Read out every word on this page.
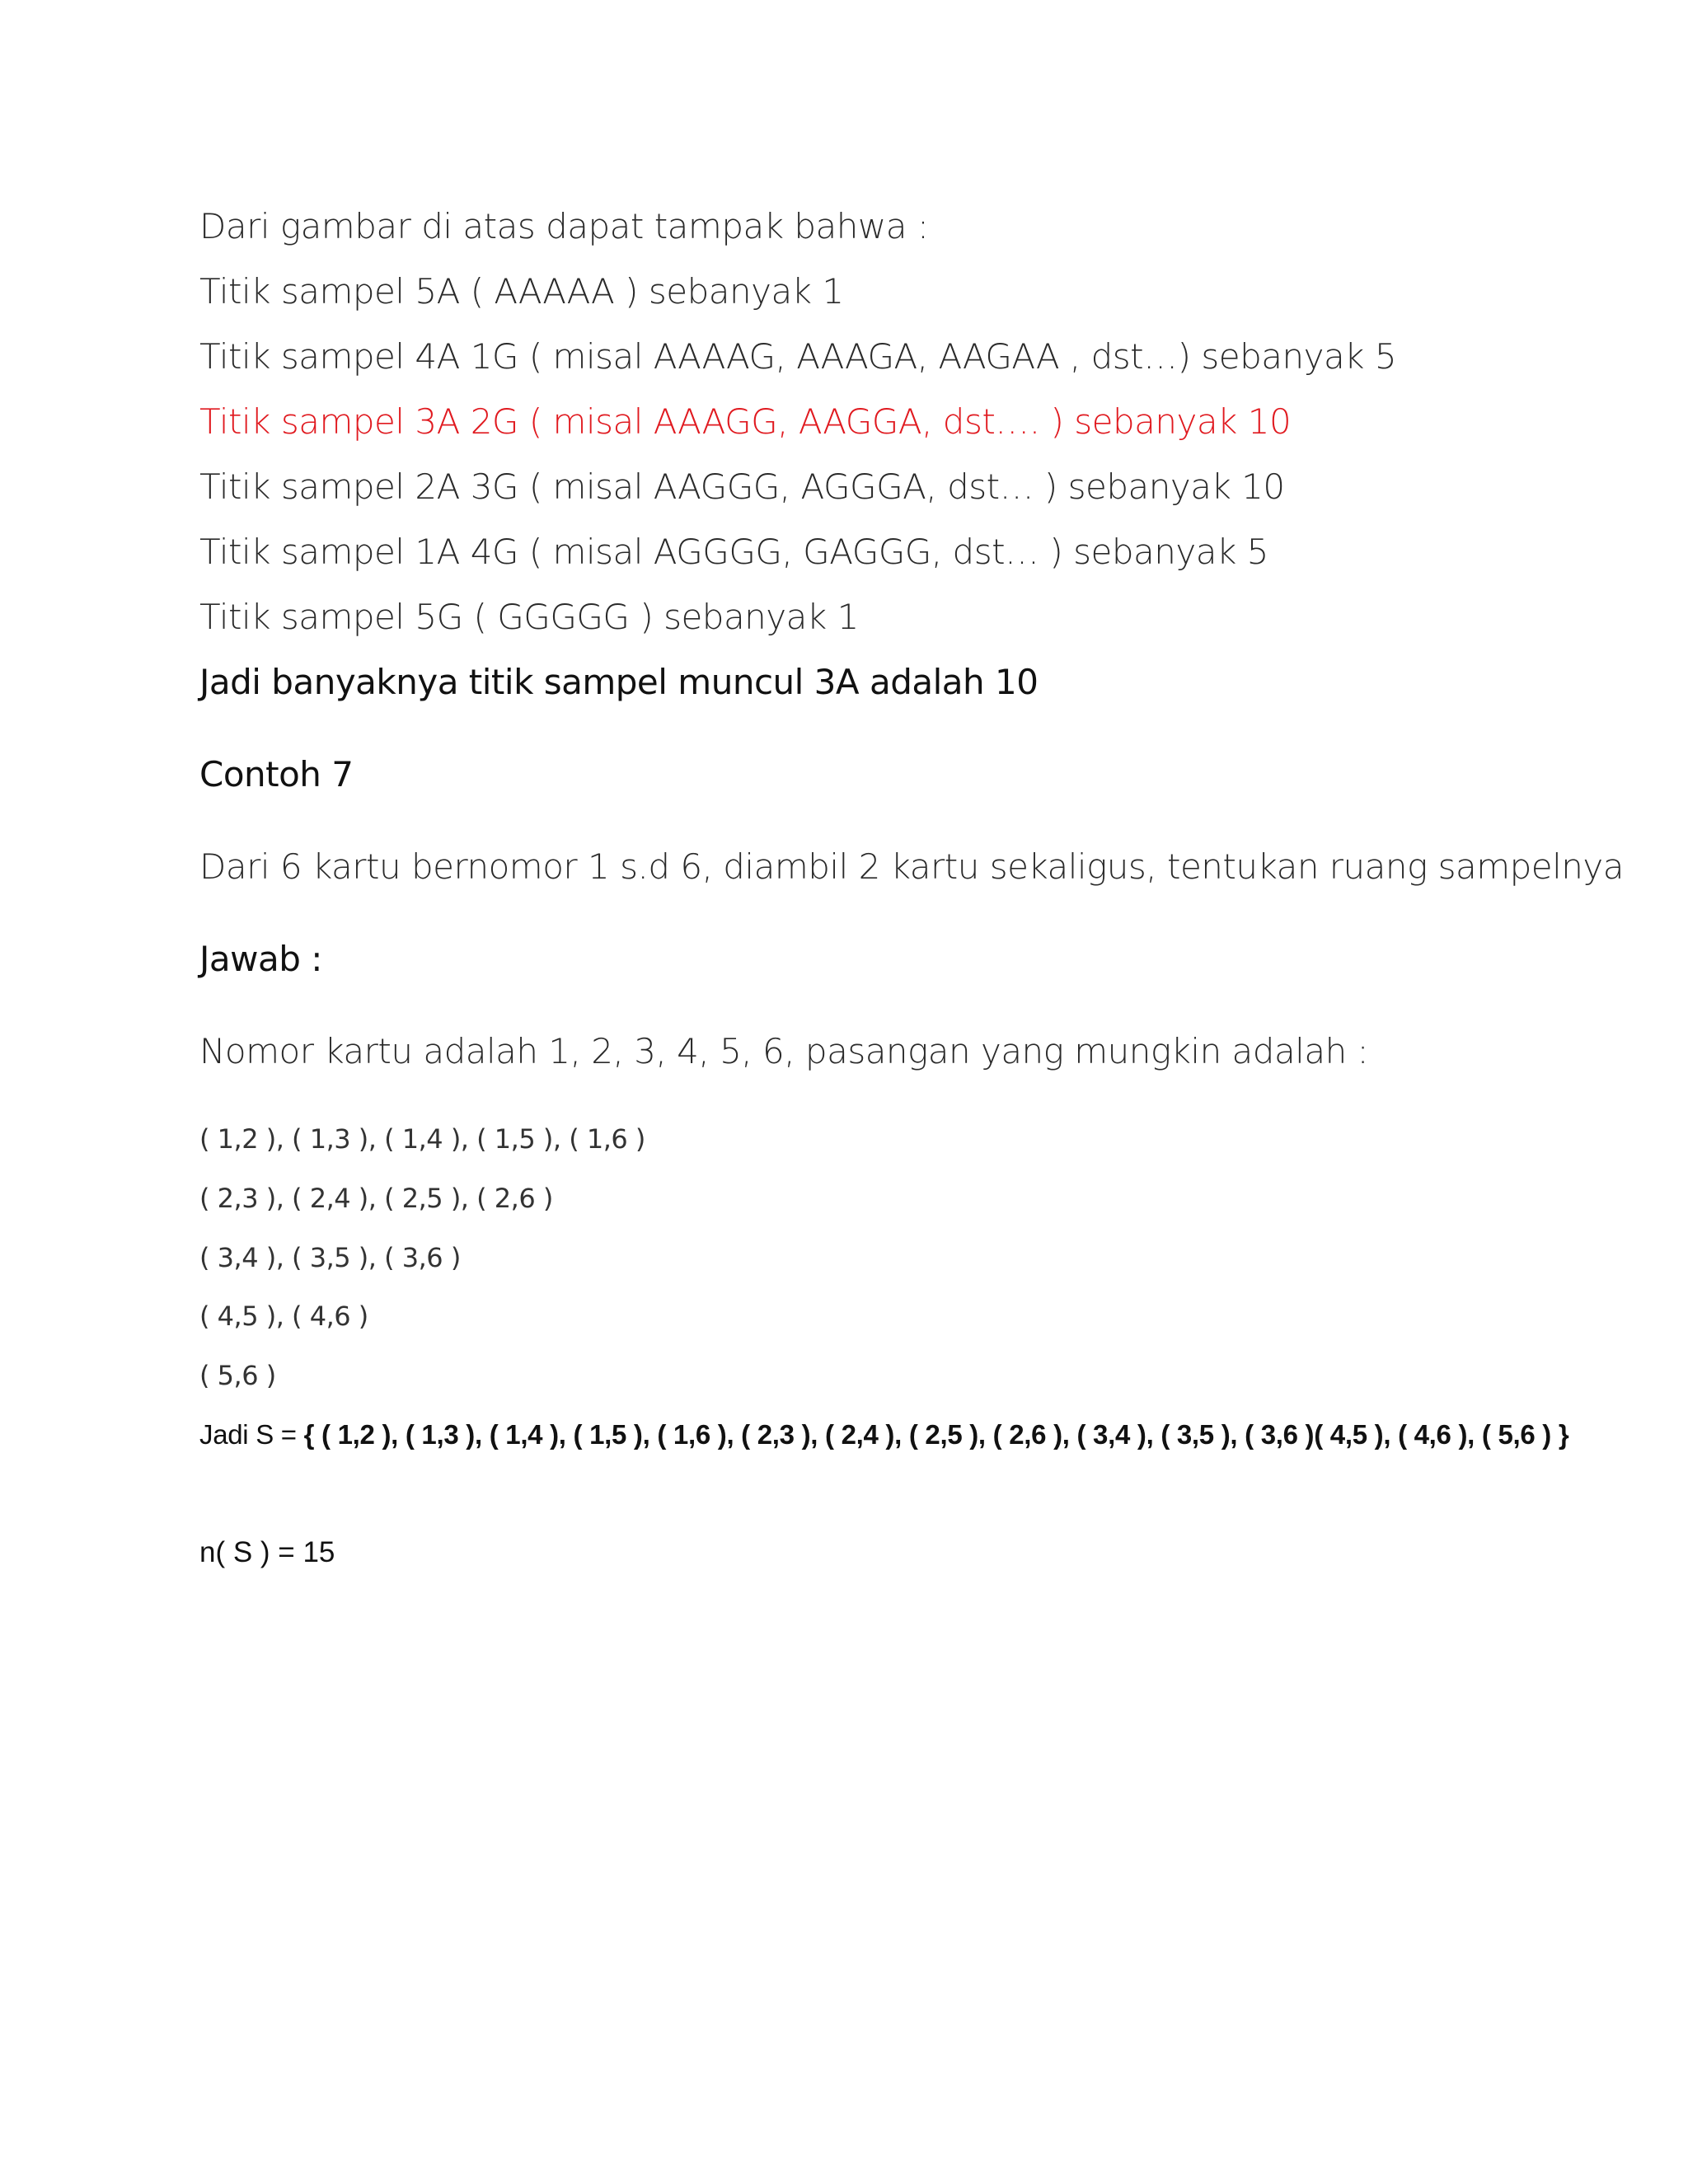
Dari gambar di atas dapat tampak bahwa :

Titik sampel 5A ( AAAAA ) sebanyak 1

Titik sampel 4A 1G ( misal AAAAG, AAAGA, AAGAA , dst…) sebanyak 5

Titik sampel 3A 2G ( misal AAAGG, AAGGA, dst…. ) sebanyak 10

Titik sampel 2A 3G ( misal AAGGG, AGGGA, dst… ) sebanyak 10

Titik sampel 1A 4G ( misal AGGGG, GAGGG, dst… ) sebanyak 5

Titik sampel 5G ( GGGGG ) sebanyak 1

Jadi banyaknya titik sampel muncul 3A adalah 10

Contoh 7

Dari 6 kartu bernomor 1 s.d 6, diambil 2 kartu sekaligus, tentukan ruang sampelnya

Jawab :

Nomor kartu adalah 1, 2, 3, 4, 5, 6, pasangan yang mungkin adalah :

( 1,2 ), ( 1,3 ), ( 1,4 ), ( 1,5 ), ( 1,6 )

( 2,3 ), ( 2,4 ), ( 2,5 ), ( 2,6 )

( 3,4 ), ( 3,5 ), ( 3,6 )

( 4,5 ), ( 4,6 )

( 5,6 )

Jadi S = { ( 1,2 ), ( 1,3 ), ( 1,4 ), ( 1,5 ), ( 1,6 ), ( 2,3 ), ( 2,4 ), ( 2,5 ), ( 2,6 ), ( 3,4 ), ( 3,5 ), ( 3,6 )( 4,5 ), ( 4,6 ), ( 5,6 ) }

n( S ) = 15
